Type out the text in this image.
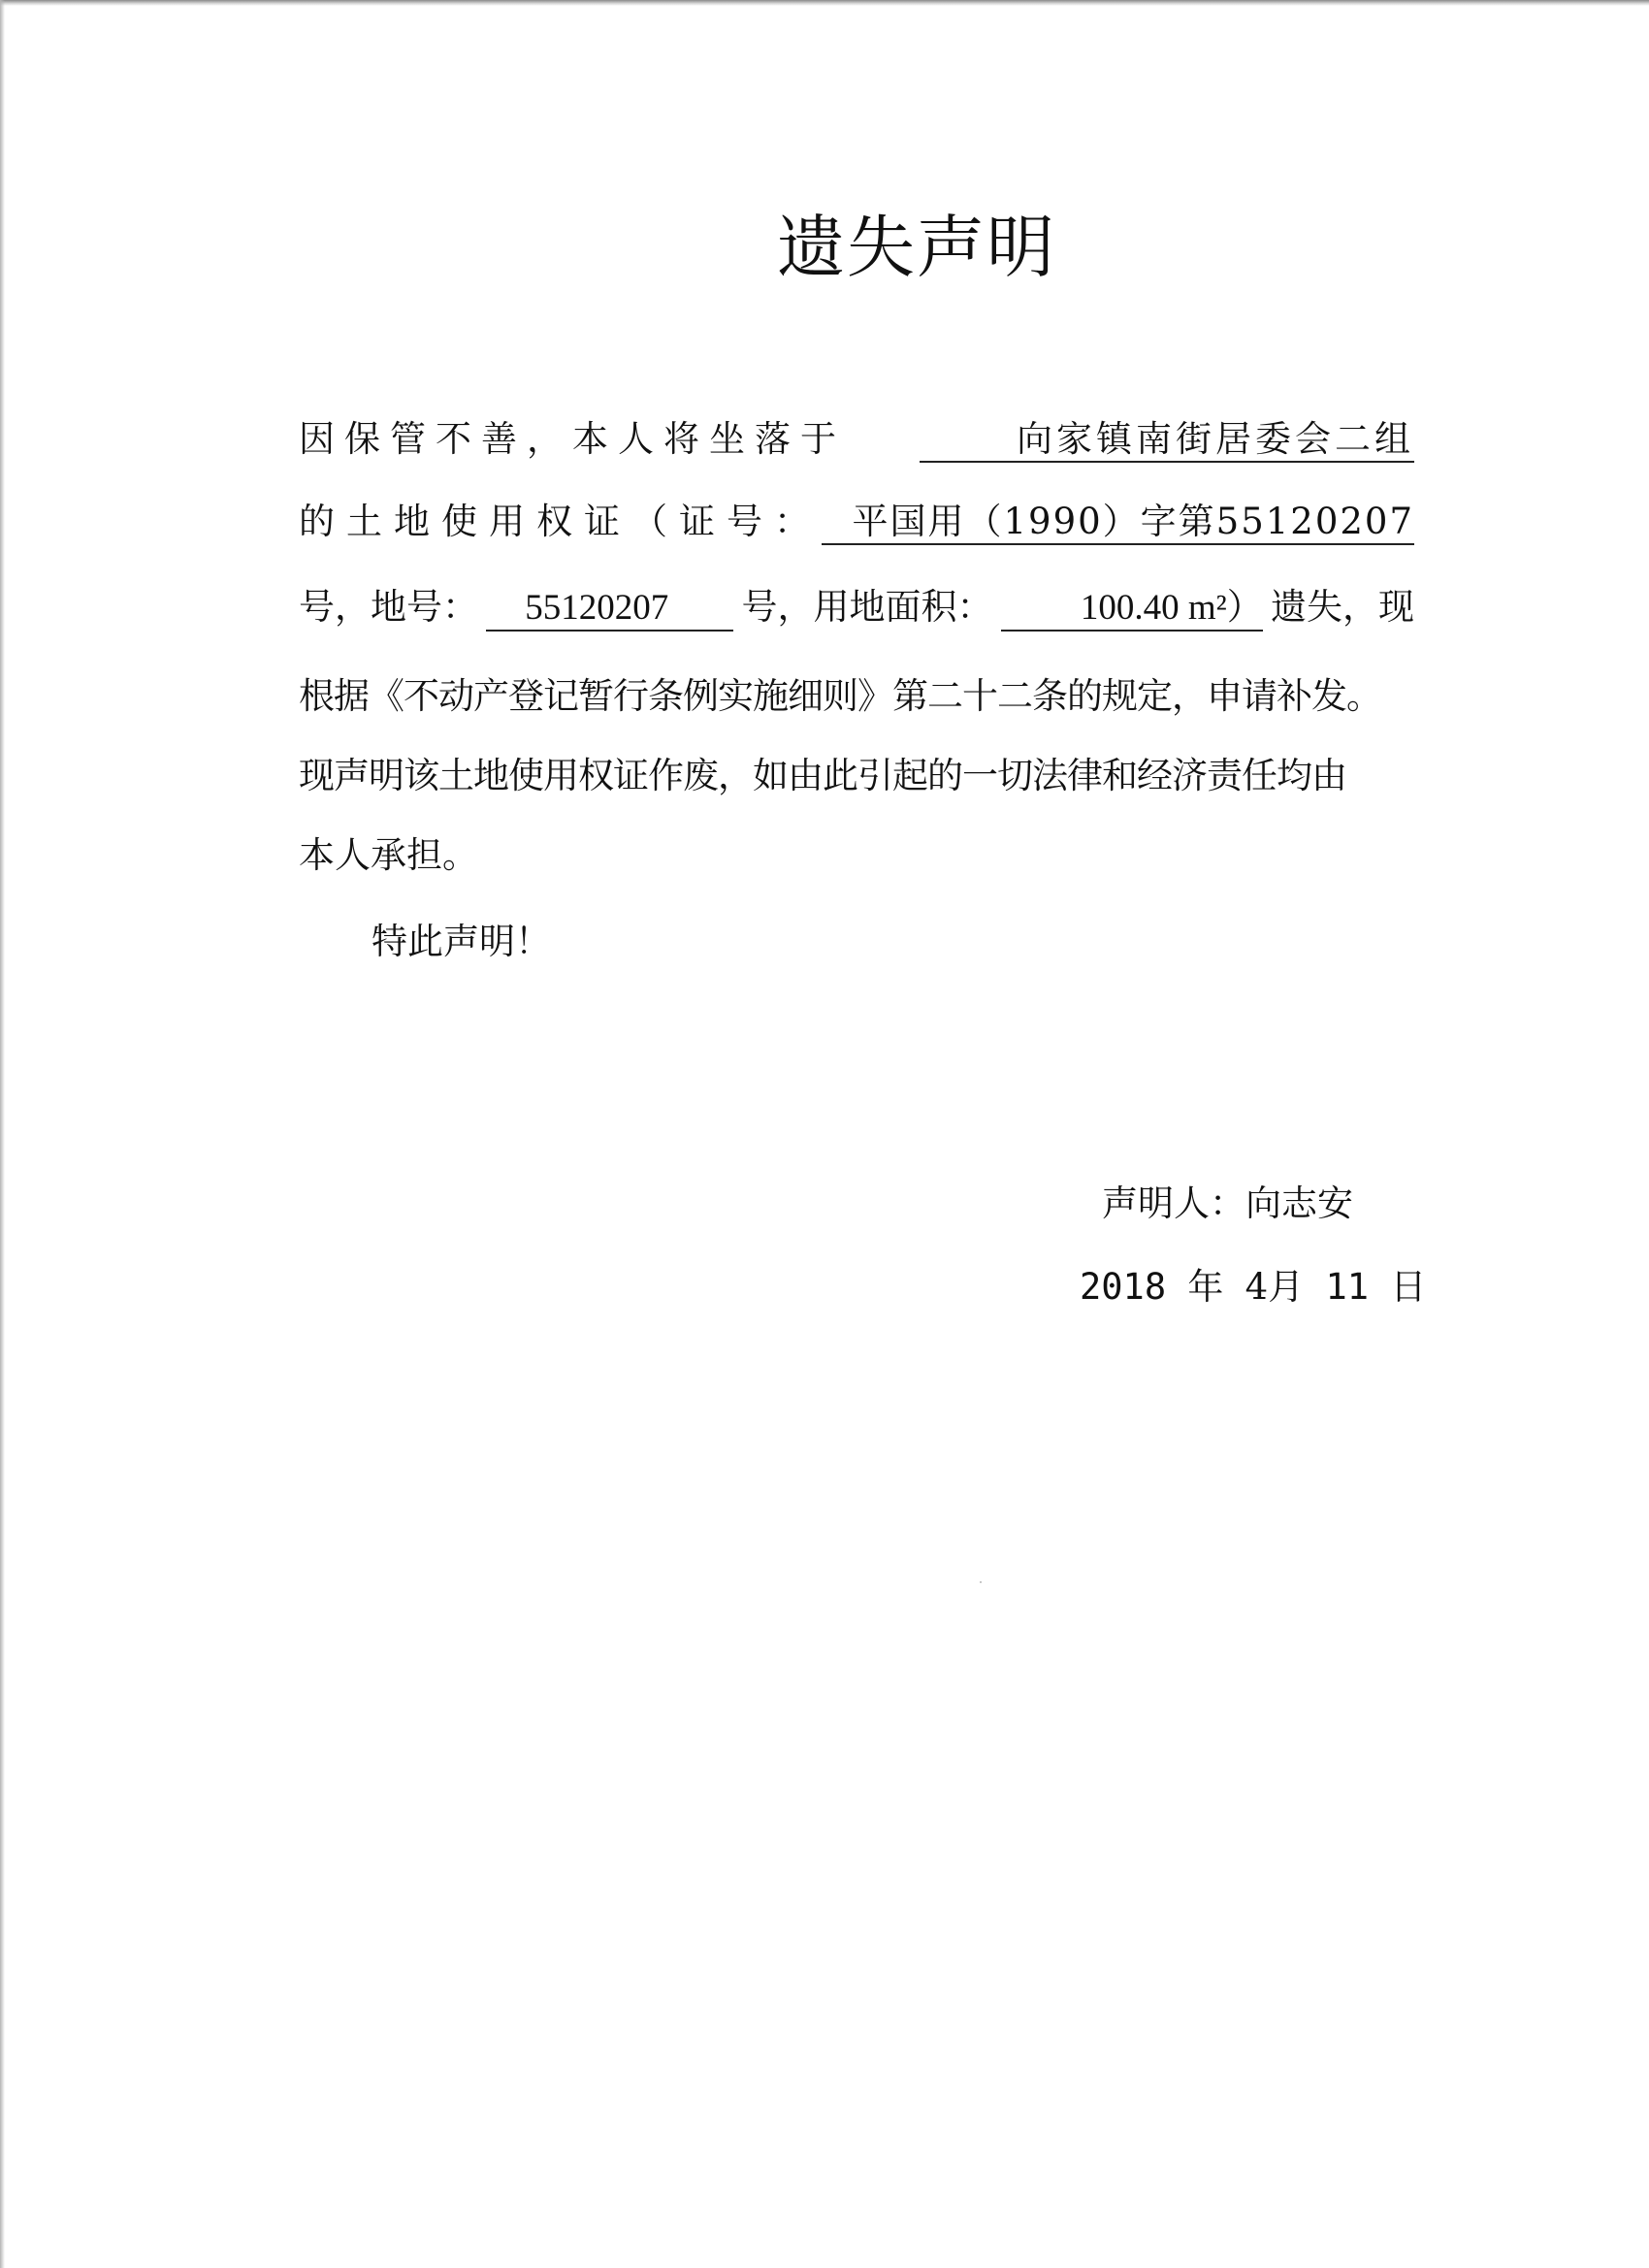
遗失声明
因保管不善，本人将坐落于	向家镇南街居委会二组
的土地使用权证（证号： 平国用（1990）字第55120207
号，地号：	55120207	号，用地面积：	100.40 m²） 遗失，现
根据《不动产登记暂行条例实施细则》第二十二条的规定，申请补发。
现声明该土地使用权证作废，如由此引起的一切法律和经济责任均由
本人承担。
特此声明！
声明人：向志安
2018 年 4月 11 日
